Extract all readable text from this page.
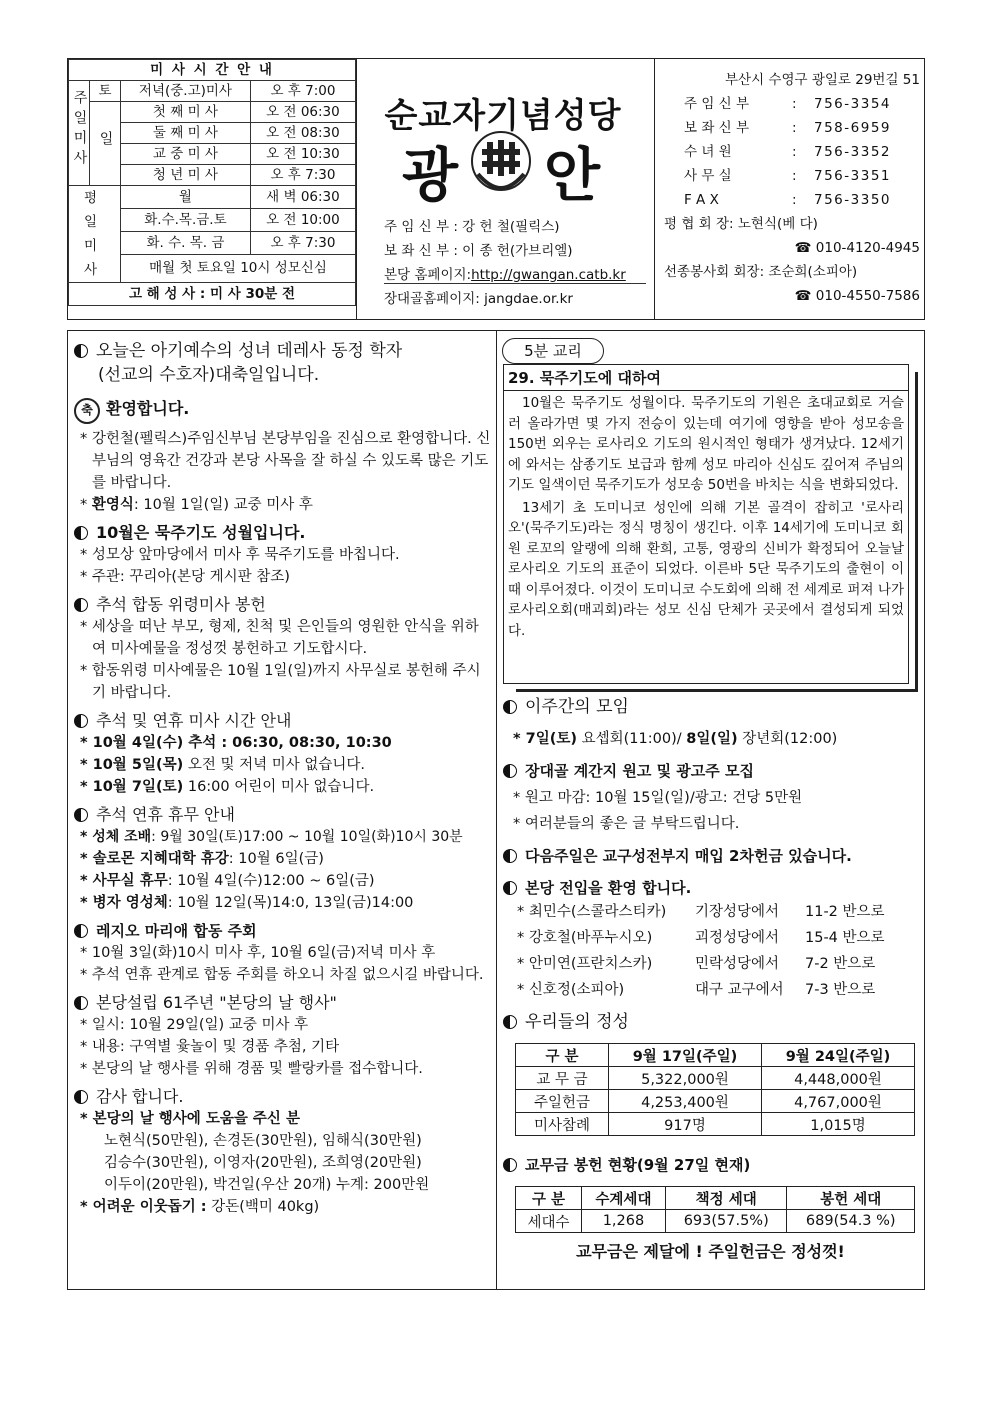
미 사 시 간 안 내			
주일미사	토	저녁(중.고)미사	오 후 7:00
	일	첫 째 미 사	오 전 06:30
		둘 째 미 사	오 전 08:30
		교 중 미 사	오 전 10:30
		청 년 미 사	오 후 7:30
평일미사		월	새 벽 06:30
		화.수.목.금.토	오 전 10:00
		화. 수. 목. 금	오 후 7:30
		매월 첫 토요일 10시 성모신심	
고 해 성 사 : 미 사 30분 전			
순교자기념성당
광 안
주 임 신 부 : 강 헌 철(필릭스)
보 좌 신 부 : 이 종 헌(가브리엘)
본당 홈페이지:http://gwangan.catb.kr
장대골홈페이지: jangdae.or.kr
부산시 수영구 광일로 29번길 51
주 임 신 부	: 756-3354
보 좌 신 부	: 758-6959
수 녀 원	: 756-3352
사 무 실	: 756-3351
F A X	: 756-3350
평 협 회 장: 노현식(베 다)
☎ 010-4120-4945
선종봉사회 회장: 조순희(소피아)
☎ 010-4550-7586

오늘은 아기예수의 성녀 데레사 동정 학자

(선교의 수호자)대축일입니다.

축 환영합니다.

* 강헌철(펠릭스)주임신부님 본당부임을 진심으로 환영합니다. 신부님의 영육간 건강과 본당 사목을 잘 하실 수 있도록 많은 기도를 바랍니다.

* 환영식: 10월 1일(일) 교중 미사 후

10월은 묵주기도 성월입니다.

* 성모상 앞마당에서 미사 후 묵주기도를 바칩니다.

* 주관: 꾸리아(본당 게시판 참조)

추석 합동 위령미사 봉헌

* 세상을 떠난 부모, 형제, 친척 및 은인들의 영원한 안식을 위하여 미사예물을 정성껏 봉헌하고 기도합시다.

* 합동위령 미사예물은 10월 1일(일)까지 사무실로 봉헌해 주시기 바랍니다.

추석 및 연휴 미사 시간 안내

* 10월 4일(수) 추석 : 06:30, 08:30, 10:30

* 10월 5일(목) 오전 및 저녁 미사 없습니다.

* 10월 7일(토) 16:00 어린이 미사 없습니다.

추석 연휴 휴무 안내

* 성체 조배: 9월 30일(토)17:00 ~ 10월 10일(화)10시 30분

* 솔로몬 지혜대학 휴강: 10월 6일(금)

* 사무실 휴무: 10월 4일(수)12:00 ~ 6일(금)

* 병자 영성체: 10월 12일(목)14:0, 13일(금)14:00

레지오 마리애 합동 주회

* 10월 3일(화)10시 미사 후, 10월 6일(금)저녁 미사 후

* 추석 연휴 관계로 합동 주회를 하오니 차질 없으시길 바랍니다.

본당설립 61주년 "본당의 날 행사"

* 일시: 10월 29일(일) 교중 미사 후

* 내용: 구역별 윷놀이 및 경품 추첨, 기타

* 본당의 날 행사를 위해 경품 및 빨랑카를 접수합니다.

감사 합니다.

* 본당의 날 행사에 도움을 주신 분

노현식(50만원), 손경돈(30만원), 임해식(30만원)

김승수(30만원), 이영자(20만원), 조희영(20만원)

이두이(20만원), 박건일(우산 20개) 누계: 200만원

* 어려운 이웃돕기 : 강돈(백미 40kg)

5분 교리
29. 묵주기도에 대하여

10월은 묵주기도 성월이다. 묵주기도의 기원은 초대교회로 거슬러 올라가면 몇 가지 전승이 있는데 여기에 영향을 받아 성모송을 150번 외우는 로사리오 기도의 원시적인 형태가 생겨났다. 12세기에 와서는 삼종기도 보급과 함께 성모 마리아 신심도 깊어져 주님의 기도 일색이던 묵주기도가 성모송 50번을 바치는 식을 변화되었다.

13세기 초 도미니코 성인에 의해 기본 골격이 잡히고 '로사리오'(묵주기도)라는 정식 명칭이 생긴다. 이후 14세기에 도미니코 회원 로꼬의 알랭에 의해 환희, 고통, 영광의 신비가 확정되어 오늘날 로사리오 기도의 표준이 되었다. 이른바 5단 묵주기도의 출현이 이때 이루어졌다. 이것이 도미니코 수도회에 의해 전 세계로 퍼져 나가 로사리오회(매괴회)라는 성모 신심 단체가 곳곳에서 결성되게 되었다.

이주간의 모임

* 7일(토) 요셉회(11:00)/ 8일(일) 장년회(12:00)

장대골 계간지 원고 및 광고주 모집

* 원고 마감: 10월 15일(일)/광고: 건당 5만원

* 여러분들의 좋은 글 부탁드립니다.

다음주일은 교구성전부지 매입 2차헌금 있습니다.

본당 전입을 환영 합니다.

* 최민수(스콜라스티카) 기장성당에서 11-2 반으로
* 강호철(바푸누시오)	괴정성당에서 15-4 반으로
* 안미연(프란치스카)	민락성당에서 7-2 반으로
* 신호정(소피아)	대구 교구에서 7-3 반으로

우리들의 정성

구 분	9월 17일(주일)	9월 24일(주일)
교 무 금	5,322,000원	4,448,000원
주일헌금	4,253,400원	4,767,000원
미사참례	917명	1,015명

교무금 봉헌 현황(9월 27일 현재)

구 분	수계세대	책정 세대	봉헌 세대
세대수	1,268	693(57.5%)	689(54.3 %)

교무금은 제달에 ! 주일헌금은 정성껏!
